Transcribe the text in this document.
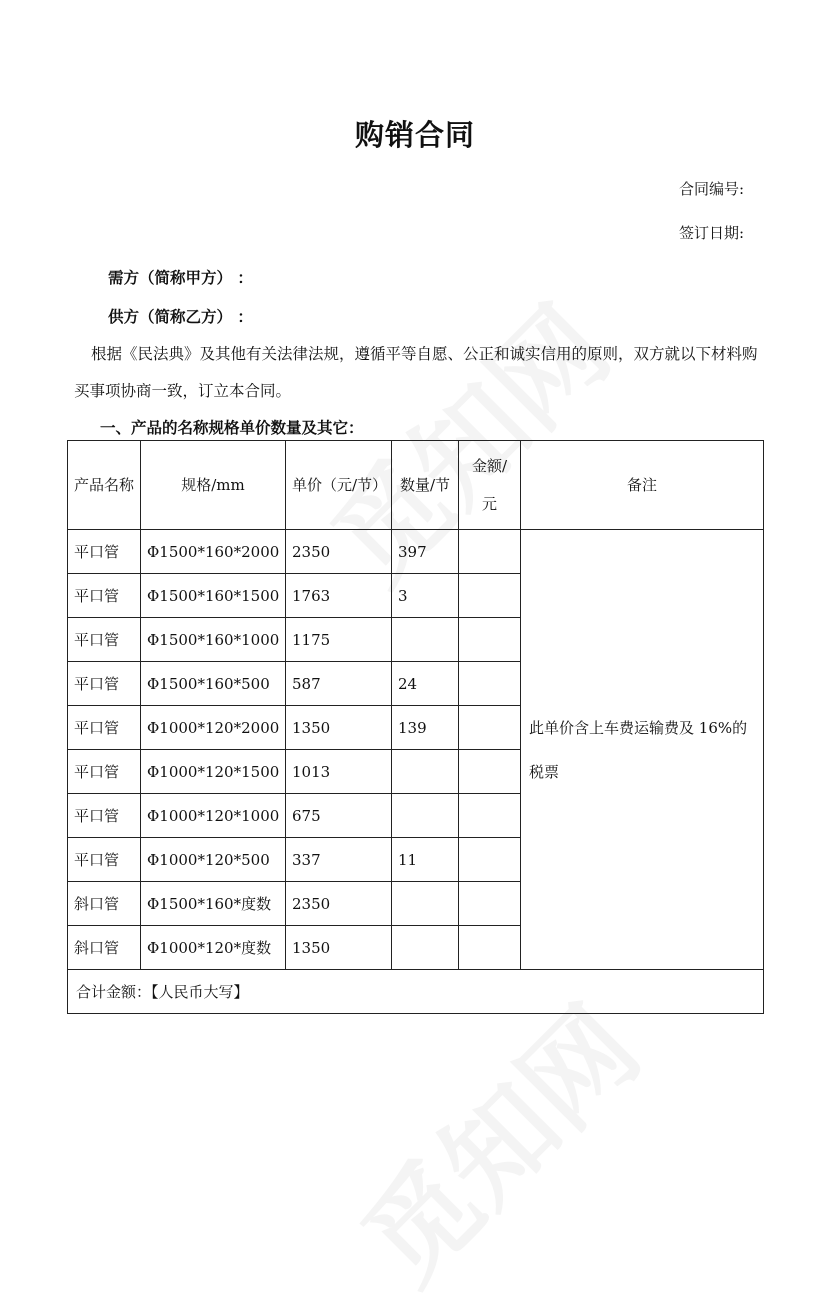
购销合同
合同编号:
签订日期:
需方（简称甲方） ：
供方（简称乙方） ：
根据《民法典》及其他有关法律法规，遵循平等自愿、公正和诚实信用的原则，双方就以下材料购买事项协商一致，订立本合同。
一、产品的名称规格单价数量及其它：
产品名称	规格/mm	单价（元/节）	数量/节	金额/元	备注
平口管	Φ1500*160*2000	2350	397		此单价含上车费运输费及 16%的税票
平口管	Φ1500*160*1500	1763	3		
平口管	Φ1500*160*1000	1175			
平口管	Φ1500*160*500	587	24		
平口管	Φ1000*120*2000	1350	139		
平口管	Φ1000*120*1500	1013			
平口管	Φ1000*120*1000	675			
平口管	Φ1000*120*500	337	11		
斜口管	Φ1500*160*度数	2350			
斜口管	Φ1000*120*度数	1350			
合计金额：【人民币大写】					
